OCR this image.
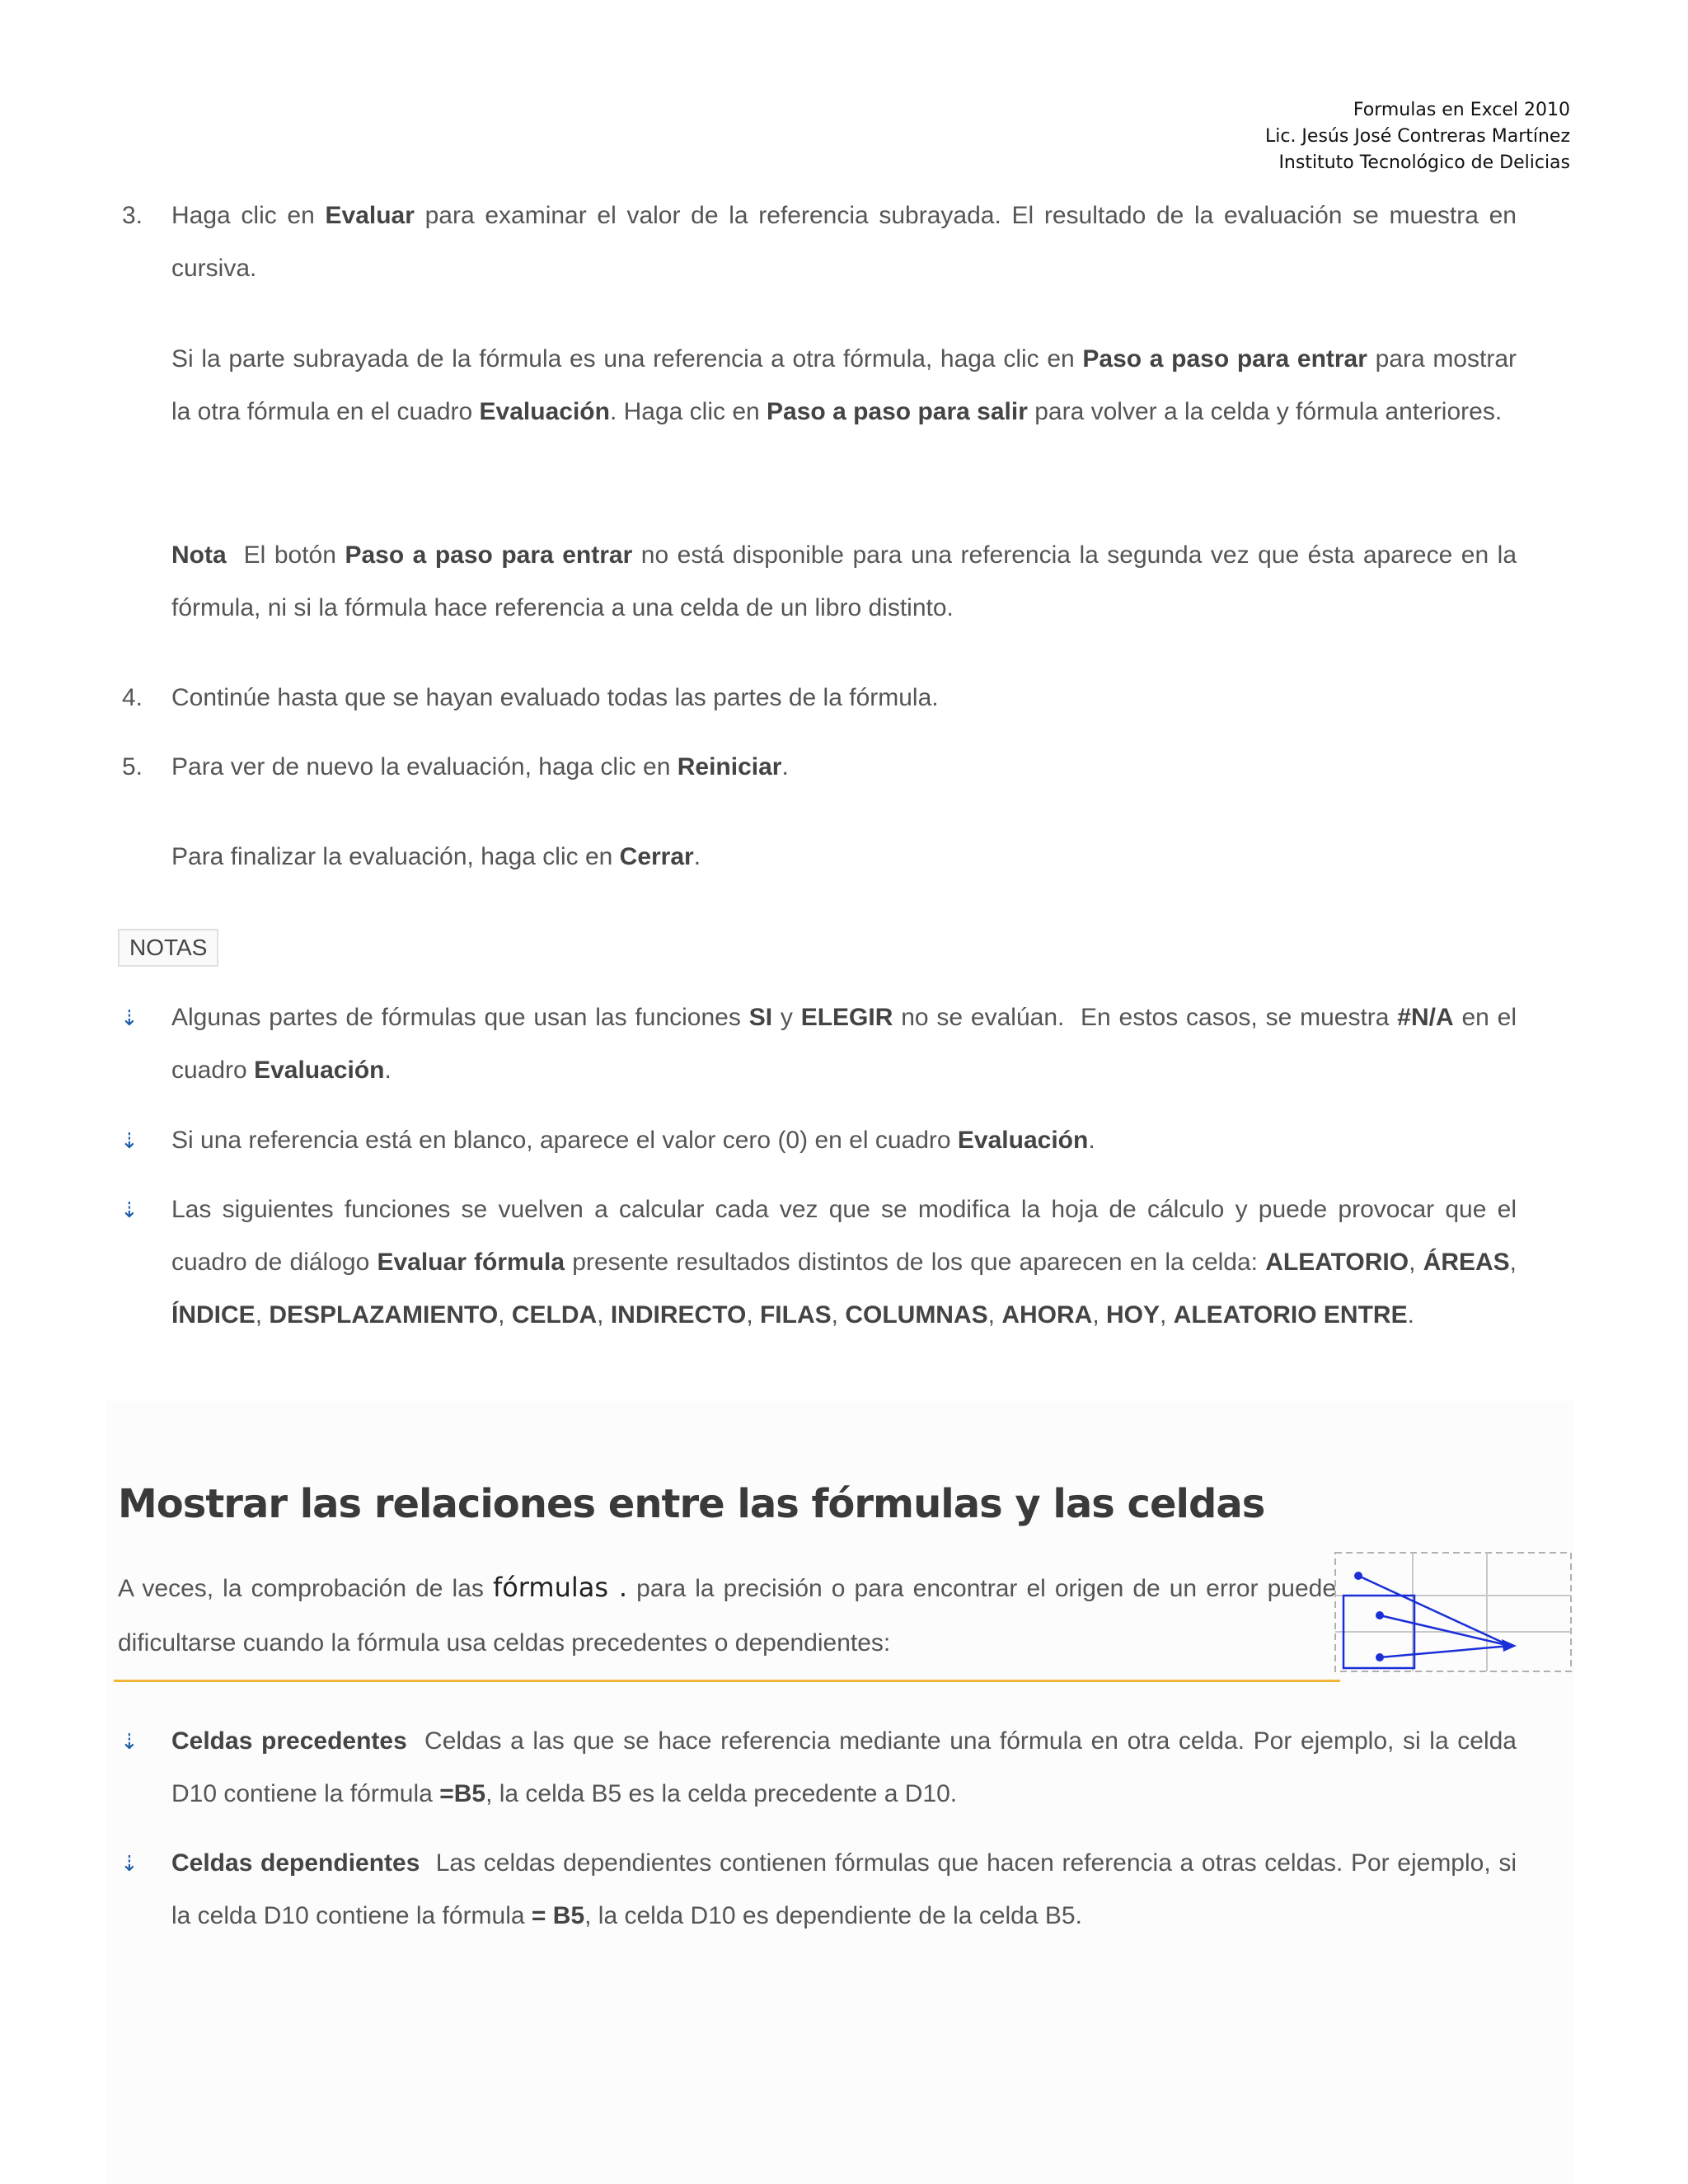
Formulas en Excel 2010
Lic. Jesús José Contreras Martínez
Instituto Tecnológico de Delicias
3. Haga clic en Evaluar para examinar el valor de la referencia subrayada. El resultado de la evaluación se muestra en cursiva.
Si la parte subrayada de la fórmula es una referencia a otra fórmula, haga clic en Paso a paso para entrar para mostrar la otra fórmula en el cuadro Evaluación. Haga clic en Paso a paso para salir para volver a la celda y fórmula anteriores.
Nota  El botón Paso a paso para entrar no está disponible para una referencia la segunda vez que ésta aparece en la fórmula, ni si la fórmula hace referencia a una celda de un libro distinto.
4. Continúe hasta que se hayan evaluado todas las partes de la fórmula.
5. Para ver de nuevo la evaluación, haga clic en Reiniciar.
Para finalizar la evaluación, haga clic en Cerrar.
NOTAS
⇣ Algunas partes de fórmulas que usan las funciones SI y ELEGIR no se evalúan.  En estos casos, se muestra #N/A en el cuadro Evaluación.
⇣ Si una referencia está en blanco, aparece el valor cero (0) en el cuadro Evaluación.
⇣ Las siguientes funciones se vuelven a calcular cada vez que se modifica la hoja de cálculo y puede provocar que el cuadro de diálogo Evaluar fórmula presente resultados distintos de los que aparecen en la celda: ALEATORIO, ÁREAS, ÍNDICE, DESPLAZAMIENTO, CELDA, INDIRECTO, FILAS, COLUMNAS, AHORA, HOY, ALEATORIO ENTRE.
Mostrar las relaciones entre las fórmulas y las celdas
A veces, la comprobación de las fórmulas . para la precisión o para encontrar el origen de un error puede dificultarse cuando la fórmula usa celdas precedentes o dependientes:
⇣ Celdas precedentes  Celdas a las que se hace referencia mediante una fórmula en otra celda. Por ejemplo, si la celda D10 contiene la fórmula =B5, la celda B5 es la celda precedente a D10.
⇣ Celdas dependientes  Las celdas dependientes contienen fórmulas que hacen referencia a otras celdas. Por ejemplo, si la celda D10 contiene la fórmula = B5, la celda D10 es dependiente de la celda B5.
